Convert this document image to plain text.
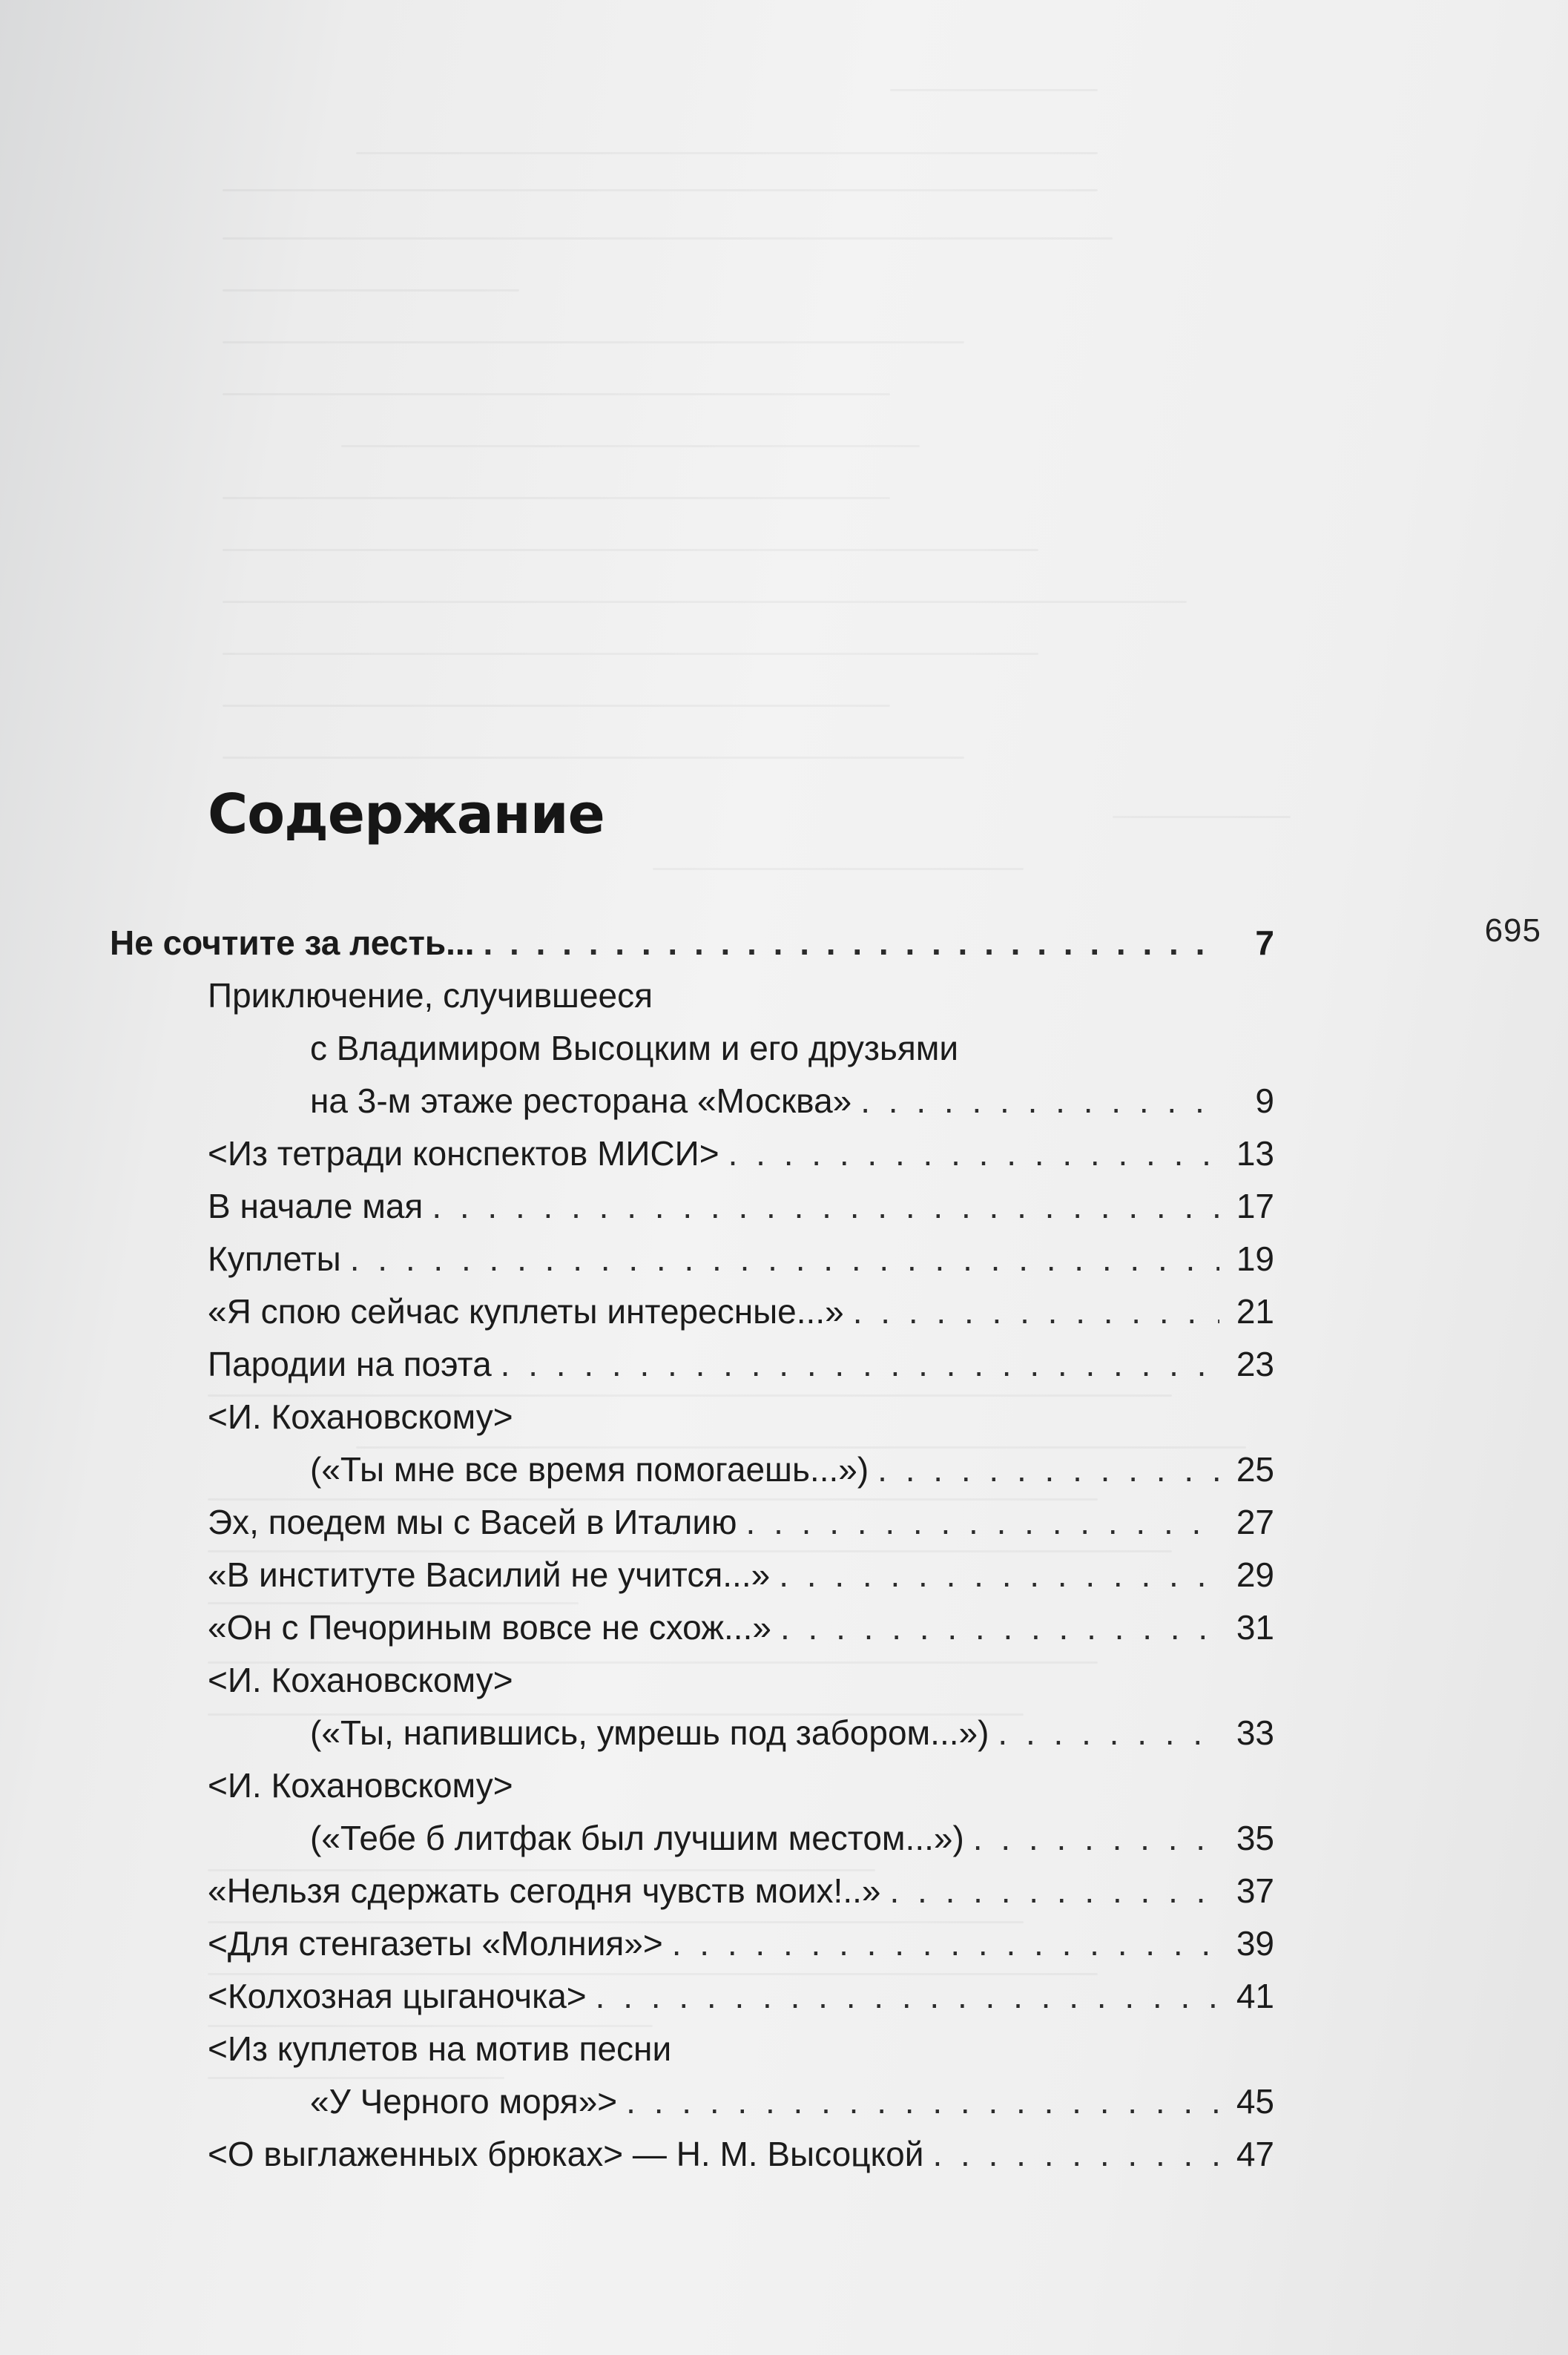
695
Содержание
Не сочтите за лесть... . . .	7
Приключение, случившееся
с Владимиром Высоцким и его друзьями
на 3-м этаже ресторана «Москва» . . .	9
<Из тетради конспектов МИСИ> . . .	13
В начале мая . . .	17
Куплеты . . .	19
«Я спою сейчас куплеты интересные...» . . .	21
Пародии на поэта . . .	23
<И. Кохановскому>
(«Ты мне все время помогаешь...») . . .	25
Эх, поедем мы с Васей в Италию . . .	27
«В институте Василий не учится...» . . .	29
«Он с Печориным вовсе не схож...» . . .	31
<И. Кохановскому>
(«Ты, напившись, умрешь под забором...») . . .	33
<И. Кохановскому>
(«Тебе б литфак был лучшим местом...») . . .	35
«Нельзя сдержать сегодня чувств моих!..» . . .	37
<Для стенгазеты «Молния»> . . .	39
<Колхозная цыганочка> . . .	41
<Из куплетов на мотив песни
«У Черного моря»> . . .	45
<О выглаженных брюках> — Н. М. Высоцкой . . .	47
